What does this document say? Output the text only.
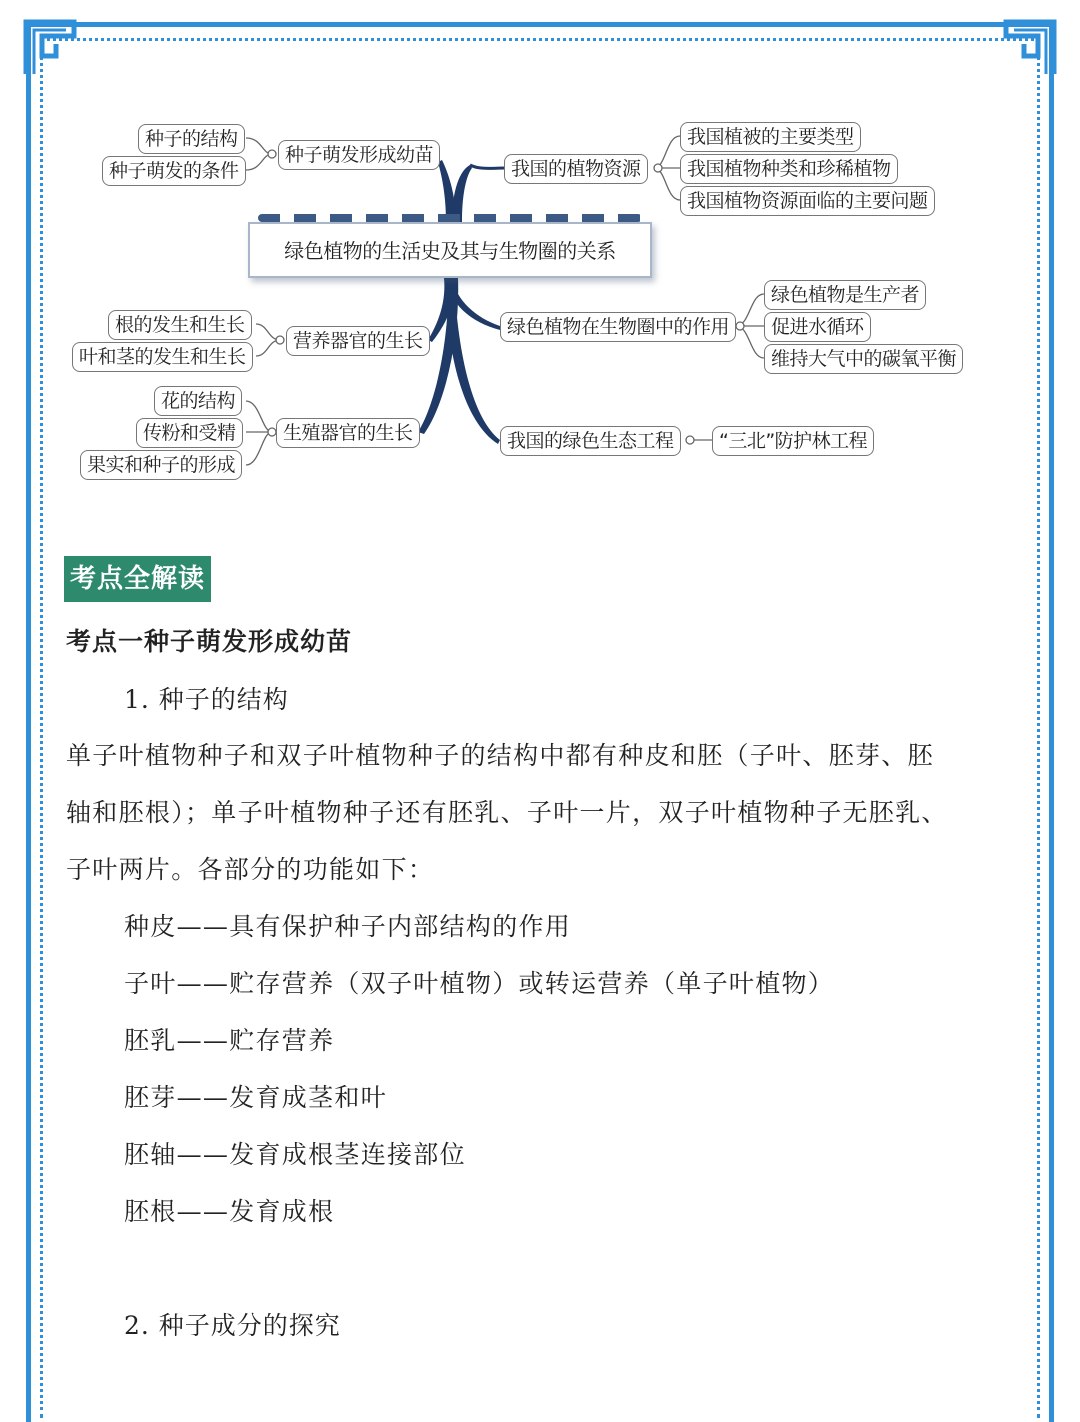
绿色植物的生活史及其与生物圈的关系
种子萌发形成幼苗
营养器官的生长
生殖器官的生长
种子的结构
种子萌发的条件
根的发生和生长
叶和茎的发生和生长
花的结构
传粉和受精
果实和种子的形成
我国的植物资源
绿色植物在生物圈中的作用
我国的绿色生态工程
我国植被的主要类型
我国植物种类和珍稀植物
我国植物资源面临的主要问题
绿色植物是生产者
促进水循环
维持大气中的碳氧平衡
“三北”防护林工程
考点全解读
考点一种子萌发形成幼苗
1. 种子的结构
单子叶植物种子和双子叶植物种子的结构中都有种皮和胚（子叶、胚芽、胚
轴和胚根）；单子叶植物种子还有胚乳、子叶一片，双子叶植物种子无胚乳、
子叶两片。各部分的功能如下：
种皮——具有保护种子内部结构的作用
子叶——贮存营养（双子叶植物）或转运营养（单子叶植物）
胚乳——贮存营养
胚芽——发育成茎和叶
胚轴——发育成根茎连接部位
胚根——发育成根
2. 种子成分的探究
